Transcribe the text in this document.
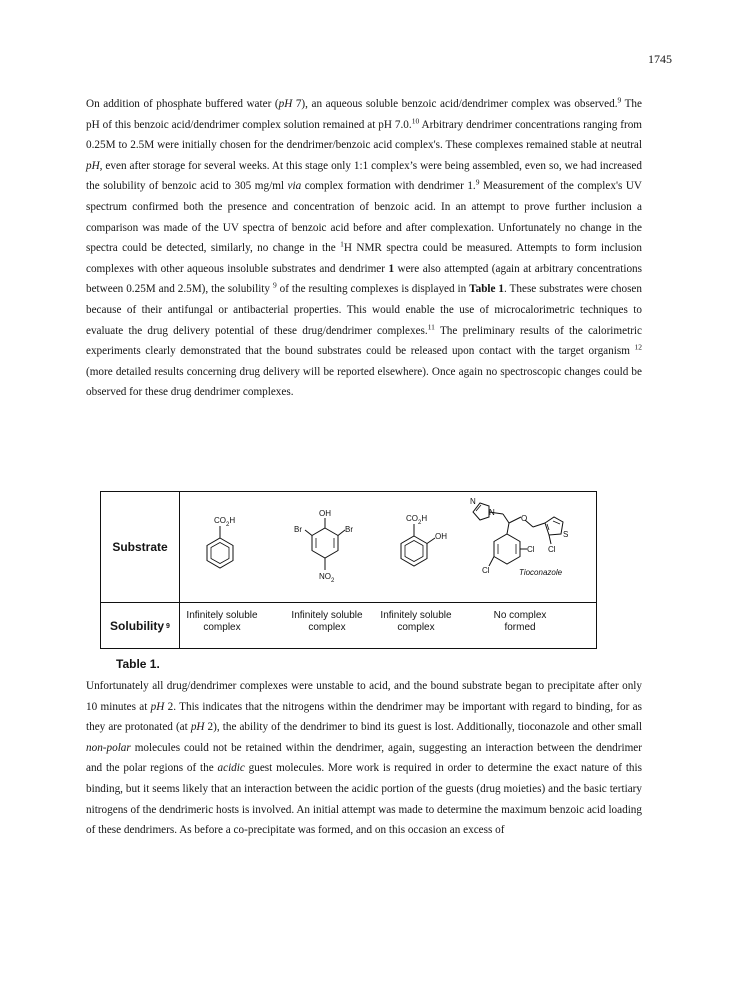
1745

On addition of phosphate buffered water (pH 7), an aqueous soluble benzoic acid/dendrimer complex was observed.$^9$ The pH of this benzoic acid/dendrimer complex solution remained at pH 7.0.10 Arbitrary dendrimer concentrations ranging from 0.25M to 2.5M were initially chosen for the dendrimer/benzoic acid complex's. These complexes remained stable at neutral pH, even after storage for several weeks. At this stage only 1:1 complex’s were being assembled, even so, we had increased the solubility of benzoic acid to 305 mg/ml via complex formation with dendrimer 1.$^9$ Measurement of the complex's UV spectrum confirmed both the presence and concentration of benzoic acid. In an attempt to prove further inclusion a comparison was made of the UV spectra of benzoic acid before and after complexation. Unfortunately no change in the spectra could be detected, similarly, no change in the $^1$H NMR spectra could be measured. Attempts to form inclusion complexes with other aqueous insoluble substrates and dendrimer 1 were also attempted (again at arbitrary concentrations between 0.25M and 2.5M), the solubility $^9$ of the resulting complexes is displayed in Table 1. These substrates were chosen because of their antifungal or antibacterial properties. This would enable the use of microcalorimetric techniques to evaluate the drug delivery potential of these drug/dendrimer complexes.$^{11}$ The preliminary results of the calorimetric experiments clearly demonstrated that the bound substrates could be released upon contact with the target organism $^{12}$ (more detailed results concerning drug delivery will be reported elsewhere). Once again no spectroscopic changes could be observed for these drug dendrimer complexes.

Substrate
$CO_2H$
OH
Br	Br
$NO_2$
$CO_2H$
OH
N
N
O
S
Cl Cl
Cl	Tioconazole
Solubility 9
Infinitely soluble
complex
Infinitely soluble
complex
Infinitely soluble
complex
No complex
formed
Table 1.

Unfortunately all drug/dendrimer complexes were unstable to acid, and the bound substrate began to precipitate after only 10 minutes at pH 2. This indicates that the nitrogens within the dendrimer may be important with regard to binding, for as they are protonated (at pH 2), the ability of the dendrimer to bind its guest is lost. Additionally, tioconazole and other small non-polar molecules could not be retained within the dendrimer, again, suggesting an interaction between the dendrimer and the polar regions of the acidic guest molecules. More work is required in order to determine the exact nature of this binding, but it seems likely that an interaction between the acidic portion of the guests (drug moieties) and the basic tertiary nitrogens of the dendrimeric hosts is involved. An initial attempt was made to determine the maximum benzoic acid loading of these dendrimers. As before a co-precipitate was formed, and on this occasion an excess of
